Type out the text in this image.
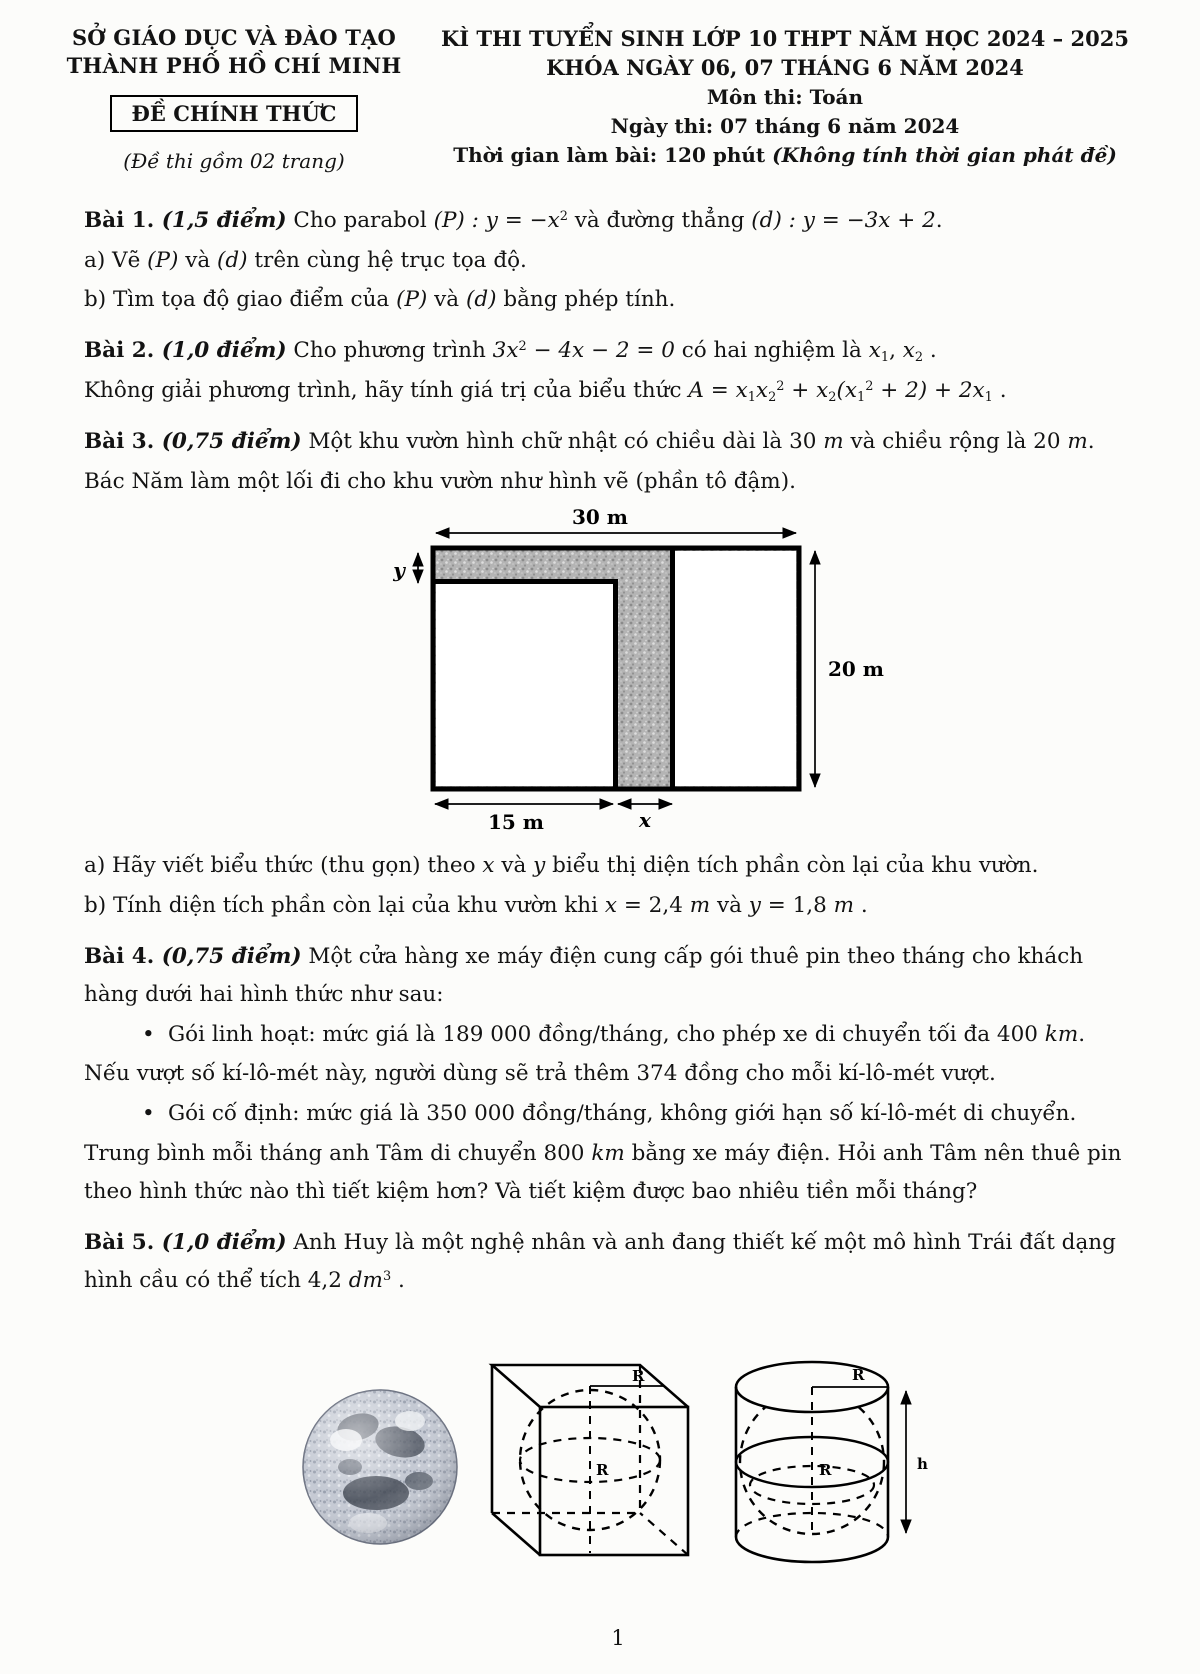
SỞ GIÁO DỤC VÀ ĐÀO TẠO
THÀNH PHỐ HỒ CHÍ MINH
ĐỀ CHÍNH THỨC
(Đề thi gồm 02 trang)
KÌ THI TUYỂN SINH LỚP 10 THPT NĂM HỌC 2024 – 2025
KHÓA NGÀY 06, 07 THÁNG 6 NĂM 2024
Môn thi: Toán
Ngày thi: 07 tháng 6 năm 2024
Thời gian làm bài: 120 phút (Không tính thời gian phát đề)

Bài 1. (1,5 điểm) Cho parabol (P) : $y = -x^2$ và đường thẳng (d) : y = −3x + 2.

a) Vẽ (P) và (d) trên cùng hệ trục tọa độ.

b) Tìm tọa độ giao điểm của (P) và (d) bằng phép tính.

Bài 2. (1,0 điểm) Cho phương trình $3x^2 - 4x - 2 = 0$ có hai nghiệm là $x_1$, $x_2$ .

Không giải phương trình, hãy tính giá trị của biểu thức $A = x_1x_2^2 + x_2(x_1^2 + 2) + 2x_1$ .

Bài 3. (0,75 điểm) Một khu vườn hình chữ nhật có chiều dài là 30 m và chiều rộng là 20 m.

Bác Năm làm một lối đi cho khu vườn như hình vẽ (phần tô đậm).

30 m
y
20 m
15 m	x

a) Hãy viết biểu thức (thu gọn) theo x và y biểu thị diện tích phần còn lại của khu vườn.

b) Tính diện tích phần còn lại của khu vườn khi x = 2,4 m và y = 1,8 m .

Bài 4. (0,75 điểm) Một cửa hàng xe máy điện cung cấp gói thuê pin theo tháng cho khách hàng dưới hai hình thức như sau:

• Gói linh hoạt: mức giá là 189 000 đồng/tháng, cho phép xe di chuyển tối đa 400 km.

Nếu vượt số kí-lô-mét này, người dùng sẽ trả thêm 374 đồng cho mỗi kí-lô-mét vượt.

• Gói cố định: mức giá là 350 000 đồng/tháng, không giới hạn số kí-lô-mét di chuyển.

Trung bình mỗi tháng anh Tâm di chuyển 800 km bằng xe máy điện. Hỏi anh Tâm nên thuê pin theo hình thức nào thì tiết kiệm hơn? Và tiết kiệm được bao nhiêu tiền mỗi tháng?

Bài 5. (1,0 điểm) Anh Huy là một nghệ nhân và anh đang thiết kế một mô hình Trái đất dạng hình cầu có thể tích 4,2 $dm^3$ .

R
R
R
R	h

1
